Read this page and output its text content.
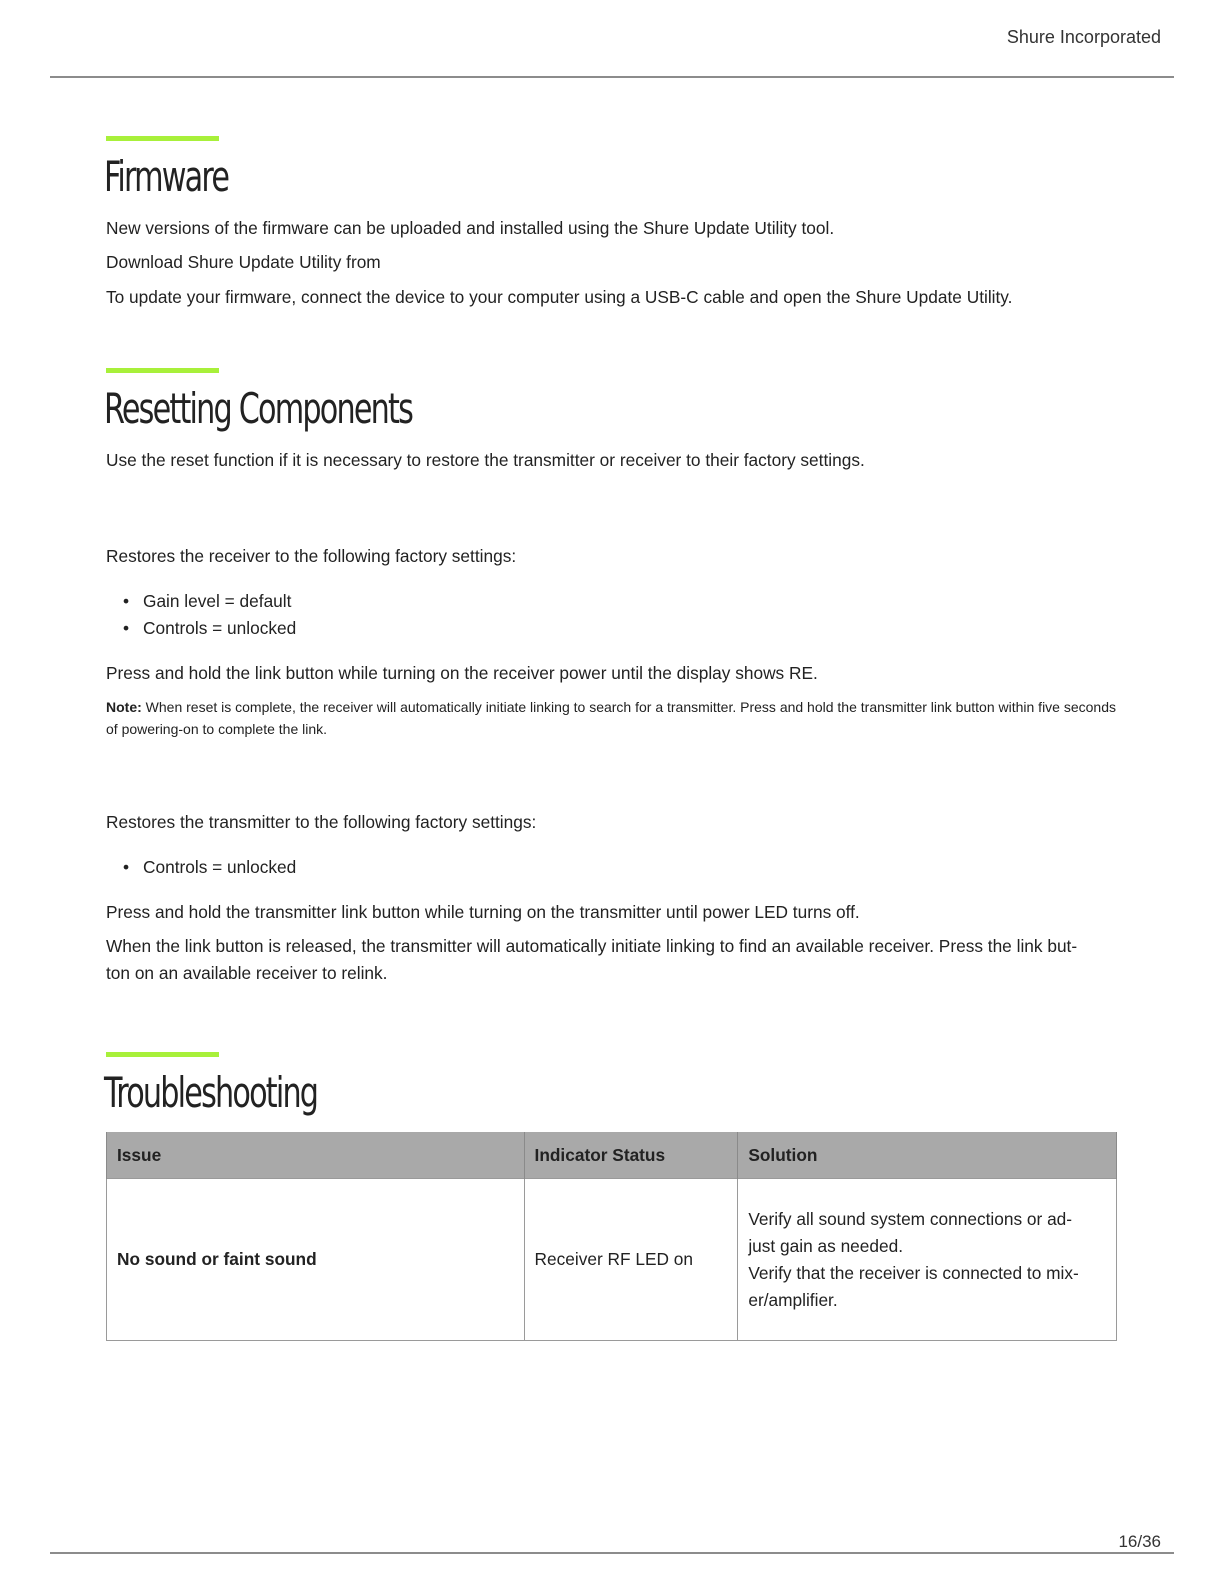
Shure Incorporated
Firmware

New versions of the firmware can be uploaded and installed using the Shure Update Utility tool.

Download Shure Update Utility from

To update your firmware, connect the device to your computer using a USB-C cable and open the Shure Update Utility.

Resetting Components

Use the reset function if it is necessary to restore the transmitter or receiver to their factory settings.

Restores the receiver to the following factory settings:

• Gain level = default
• Controls = unlocked

Press and hold the link button while turning on the receiver power until the display shows RE.

Note: When reset is complete, the receiver will automatically initiate linking to search for a transmitter. Press and hold the transmitter link button within five seconds of powering-on to complete the link.

Restores the transmitter to the following factory settings:

• Controls = unlocked

Press and hold the transmitter link button while turning on the transmitter until power LED turns off.

When the link button is released, the transmitter will automatically initiate linking to find an available receiver. Press the link but-
ton on an available receiver to relink.

Troubleshooting
Issue	Indicator Status	Solution
No sound or faint sound	Receiver RF LED on	Verify all sound system connections or ad-
just gain as needed.
Verify that the receiver is connected to mix-
er/amplifier.
16/36
